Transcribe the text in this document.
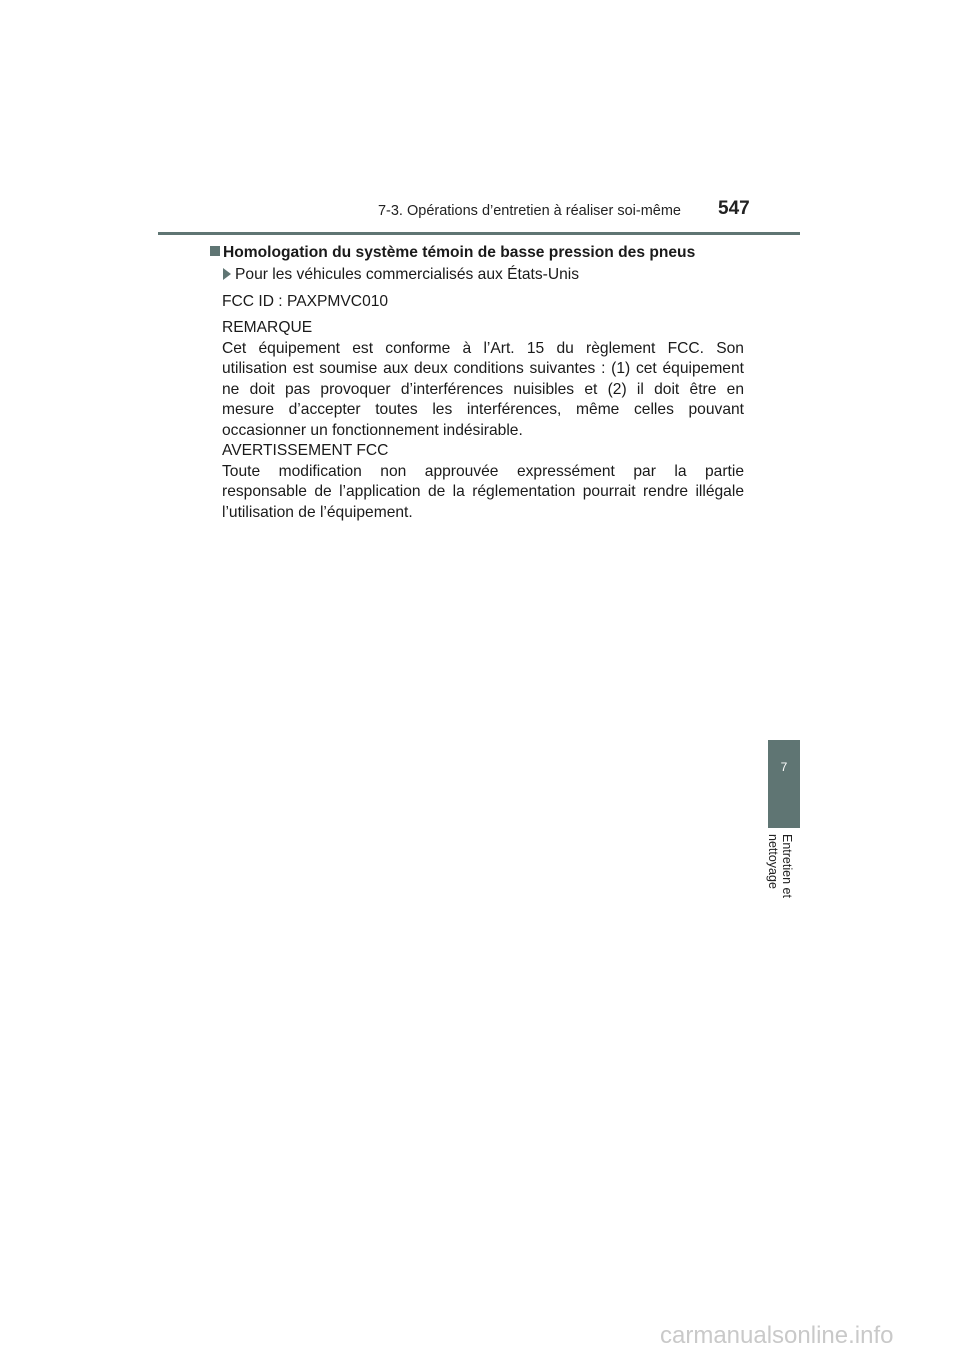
7-3. Opérations d’entretien à réaliser soi-même 547
Homologation du système témoin de basse pression des pneus
Pour les véhicules commercialisés aux États-Unis
FCC ID : PAXPMVC010
REMARQUE
Cet équipement est conforme à l’Art. 15 du règlement FCC. Son
utilisation est soumise aux deux conditions suivantes : (1) cet équipement
ne doit pas provoquer d’interférences nuisibles et (2) il doit être en
mesure d’accepter toutes les interférences, même celles pouvant
occasionner un fonctionnement indésirable.
AVERTISSEMENT FCC
Toute modification non approuvée expressément par la partie
responsable de l’application de la réglementation pourrait rendre illégale
l’utilisation de l’équipement.
7
Entretien et nettoyage
carmanualsonline.info
